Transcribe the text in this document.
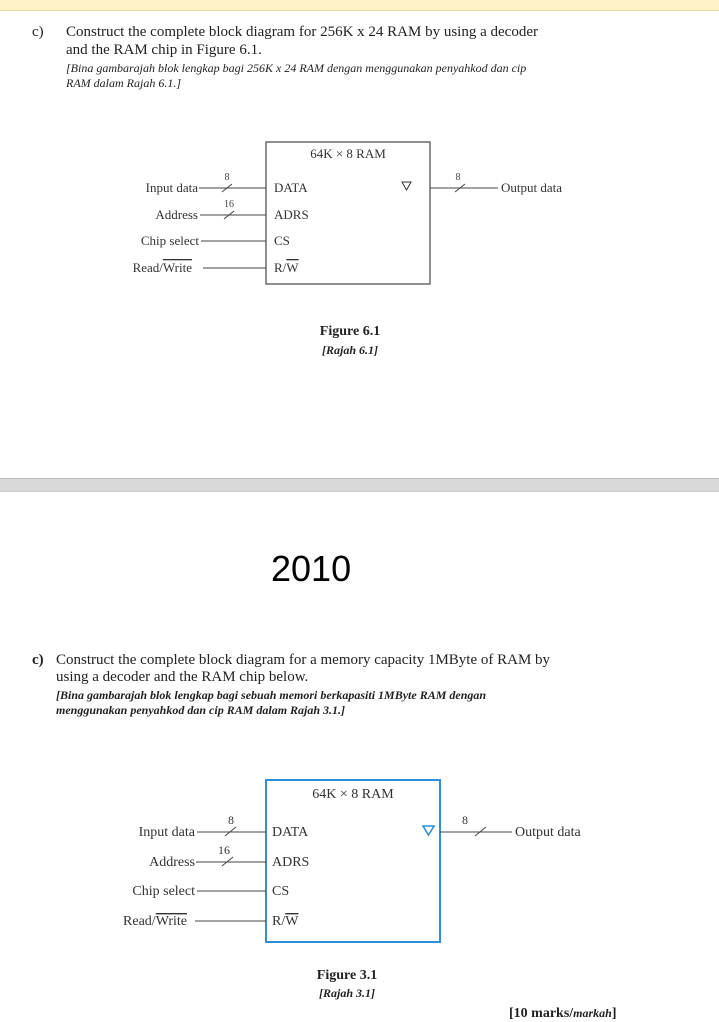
c) Construct the complete block diagram for 256K x 24 RAM by using a decoder
and the RAM chip in Figure 6.1.
[Bina gambarajah blok lengkap bagi 256K x 24 RAM dengan menggunakan penyahkod dan cip
RAM dalam Rajah 6.1.]
64K × 8 RAM
DATA
ADRS
CS
R/W
8
16
8
Input data
Address
Chip select
Read/Write
Output data
Figure 6.1
[Rajah 6.1]
2010
c) Construct the complete block diagram for a memory capacity 1MByte of RAM by
using a decoder and the RAM chip below.
[Bina gambarajah blok lengkap bagi sebuah memori berkapasiti 1MByte RAM dengan
menggunakan penyahkod dan cip RAM dalam Rajah 3.1.]
64K × 8 RAM
DATA
ADRS
CS
R/W
8
16
8
Input data
Address
Chip select
Read/Write
Output data
Figure 3.1
[Rajah 3.1]
[10 marks/markah]
